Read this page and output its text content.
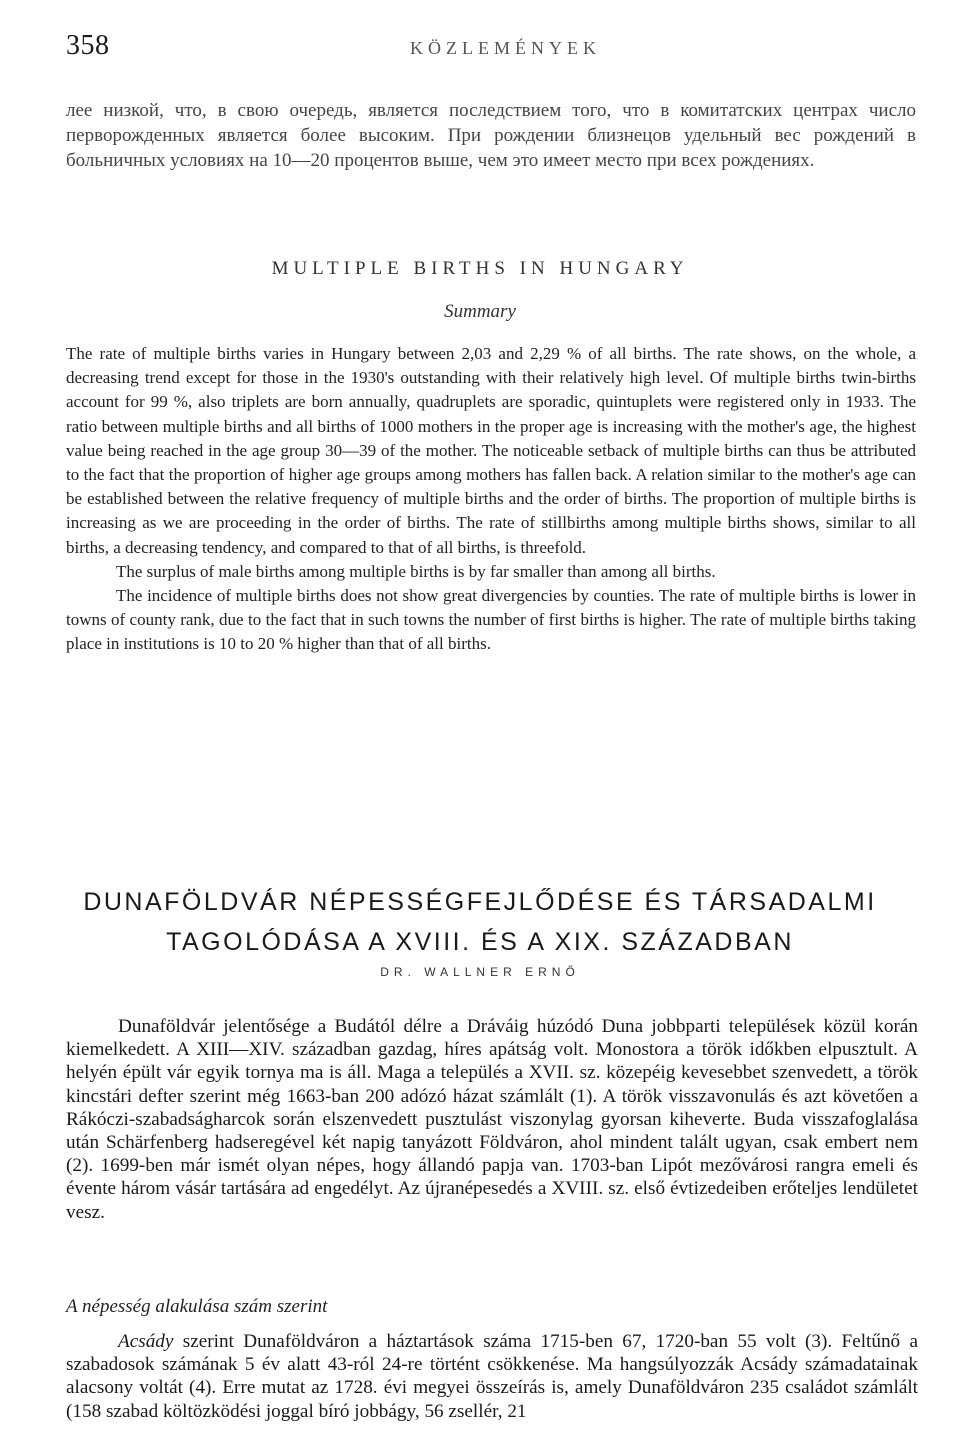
358	KÖZLEMÉNYEK
лее низкой, что, в свою очередь, является последствием того, что в комитатских центрах число перворожденных является более высоким. При рождении близнецов удельный вес рождений в больничных условиях на 10—20 процентов выше, чем это имеет место при всех рождениях.
MULTIPLE BIRTHS IN HUNGARY
Summary

The rate of multiple births varies in Hungary between 2,03 and 2,29 % of all births. The rate shows, on the whole, a decreasing trend except for those in the 1930's outstanding with their relatively high level. Of multiple births twin-births account for 99 %, also triplets are born annually, quadruplets are sporadic, quintuplets were registered only in 1933. The ratio between multiple births and all births of 1000 mothers in the proper age is increasing with the mother's age, the highest value being reached in the age group 30—39 of the mother. The noticeable setback of multiple births can thus be attributed to the fact that the proportion of higher age groups among mothers has fallen back. A relation similar to the mother's age can be established between the relative frequency of multiple births and the order of births. The proportion of multiple births is increasing as we are proceeding in the order of births. The rate of stillbirths among multiple births shows, similar to all births, a decreasing tendency, and compared to that of all births, is threefold.

The surplus of male births among multiple births is by far smaller than among all births.

The incidence of multiple births does not show great divergencies by counties. The rate of multiple births is lower in towns of county rank, due to the fact that in such towns the number of first births is higher. The rate of multiple births taking place in institutions is 10 to 20 % higher than that of all births.

DUNAFÖLDVÁR NÉPESSÉGFEJLŐDÉSE ÉS TÁRSADALMI TAGOLÓDÁSA A XVIII. ÉS A XIX. SZÁZADBAN
DR. WALLNER ERNŐ

Dunaföldvár jelentősége a Budától délre a Dráváig húzódó Duna jobbparti települések közül korán kiemelkedett. A XIII—XIV. században gazdag, híres apátság volt. Monostora a török időkben elpusztult. A helyén épült vár egyik tornya ma is áll. Maga a település a XVII. sz. közepéig kevesebbet szenvedett, a török kincstári defter szerint még 1663-ban 200 adózó házat számlált (1). A török visszavonulás és azt követően a Rákóczi-szabadságharcok során elszenvedett pusztulást viszonylag gyorsan kiheverte. Buda visszafoglalása után Schärfenberg hadseregével két napig tanyázott Földváron, ahol mindent talált ugyan, csak embert nem (2). 1699-ben már ismét olyan népes, hogy állandó papja van. 1703-ban Lipót mezővárosi rangra emeli és évente három vásár tartására ad engedélyt. Az újranépesedés a XVIII. sz. első évtizedeiben erőteljes lendületet vesz.

A népesség alakulása szám szerint

Acsády szerint Dunaföldváron a háztartások száma 1715-ben 67, 1720-ban 55 volt (3). Feltűnő a szabadosok számának 5 év alatt 43-ról 24-re történt csökkenése. Ma hangsúlyozzák Acsády számadatainak alacsony voltát (4). Erre mutat az 1728. évi megyei összeírás is, amely Dunaföldváron 235 családot számlált (158 szabad költözködési joggal bíró jobbágy, 56 zsellér, 21
